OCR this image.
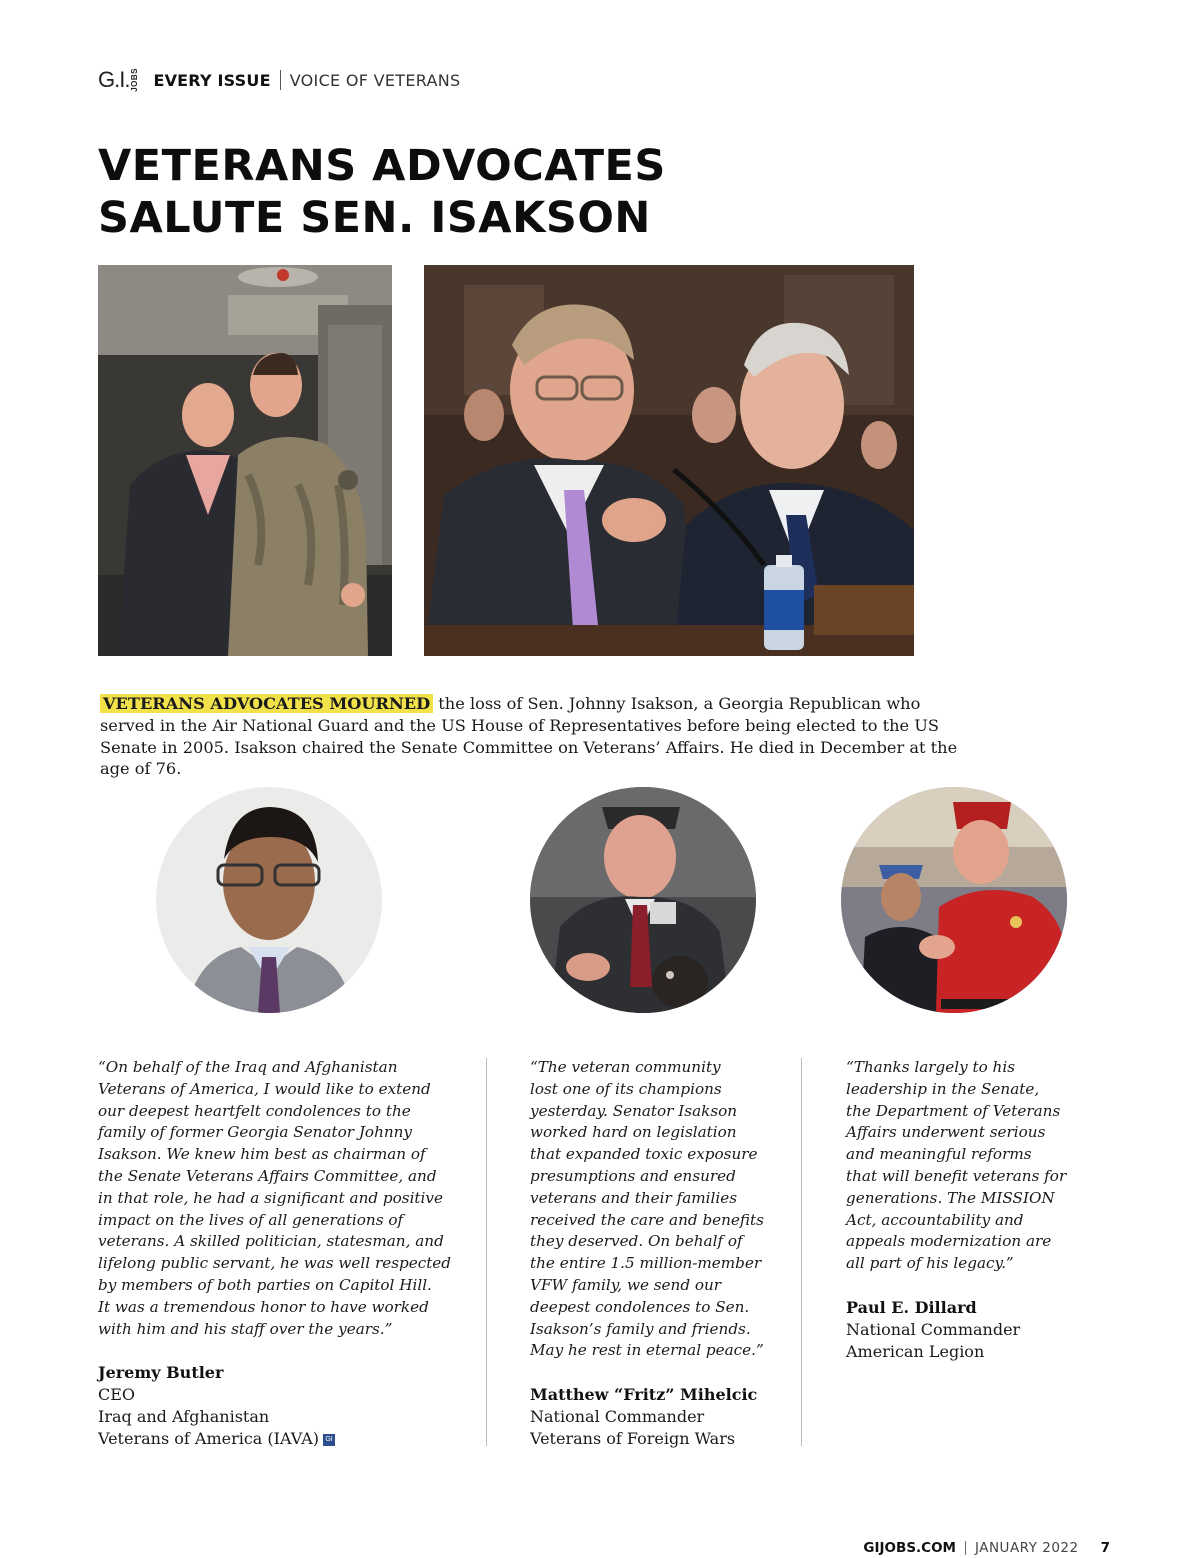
G.I. JOBS EVERY ISSUE VOICE OF VETERANS
VETERANS ADVOCATES
SALUTE SEN. ISAKSON

VETERANS ADVOCATES MOURNED the loss of Sen. Johnny Isakson, a Georgia Republican who served in the Air National Guard and the US House of Representatives before being elected to the US Senate in 2005. Isakson chaired the Senate Committee on Veterans’ Affairs. He died in December at the age of 76.

“On behalf of the Iraq and Afghanistan
Veterans of America, I would like to extend
our deepest heartfelt condolences to the
family of former Georgia Senator Johnny
Isakson. We knew him best as chairman of
the Senate Veterans Affairs Committee, and
in that role, he had a significant and positive
impact on the lives of all generations of
veterans. A skilled politician, statesman, and
lifelong public servant, he was well respected
by members of both parties on Capitol Hill.
It was a tremendous honor to have worked
with him and his staff over the years.”

Jeremy Butler

CEO
Iraq and Afghanistan
Veterans of America (IAVA) GI

“The veteran community
lost one of its champions
yesterday. Senator Isakson
worked hard on legislation
that expanded toxic exposure
presumptions and ensured
veterans and their families
received the care and benefits
they deserved. On behalf of
the entire 1.5 million-member
VFW family, we send our
deepest condolences to Sen.
Isakson’s family and friends.
May he rest in eternal peace.”

Matthew “Fritz” Mihelcic

National Commander
Veterans of Foreign Wars

“Thanks largely to his
leadership in the Senate,
the Department of Veterans
Affairs underwent serious
and meaningful reforms
that will benefit veterans for
generations. The MISSION
Act, accountability and
appeals modernization are
all part of his legacy.”

Paul E. Dillard

National Commander
American Legion

GIJOBS.COM JANUARY 2022 7
